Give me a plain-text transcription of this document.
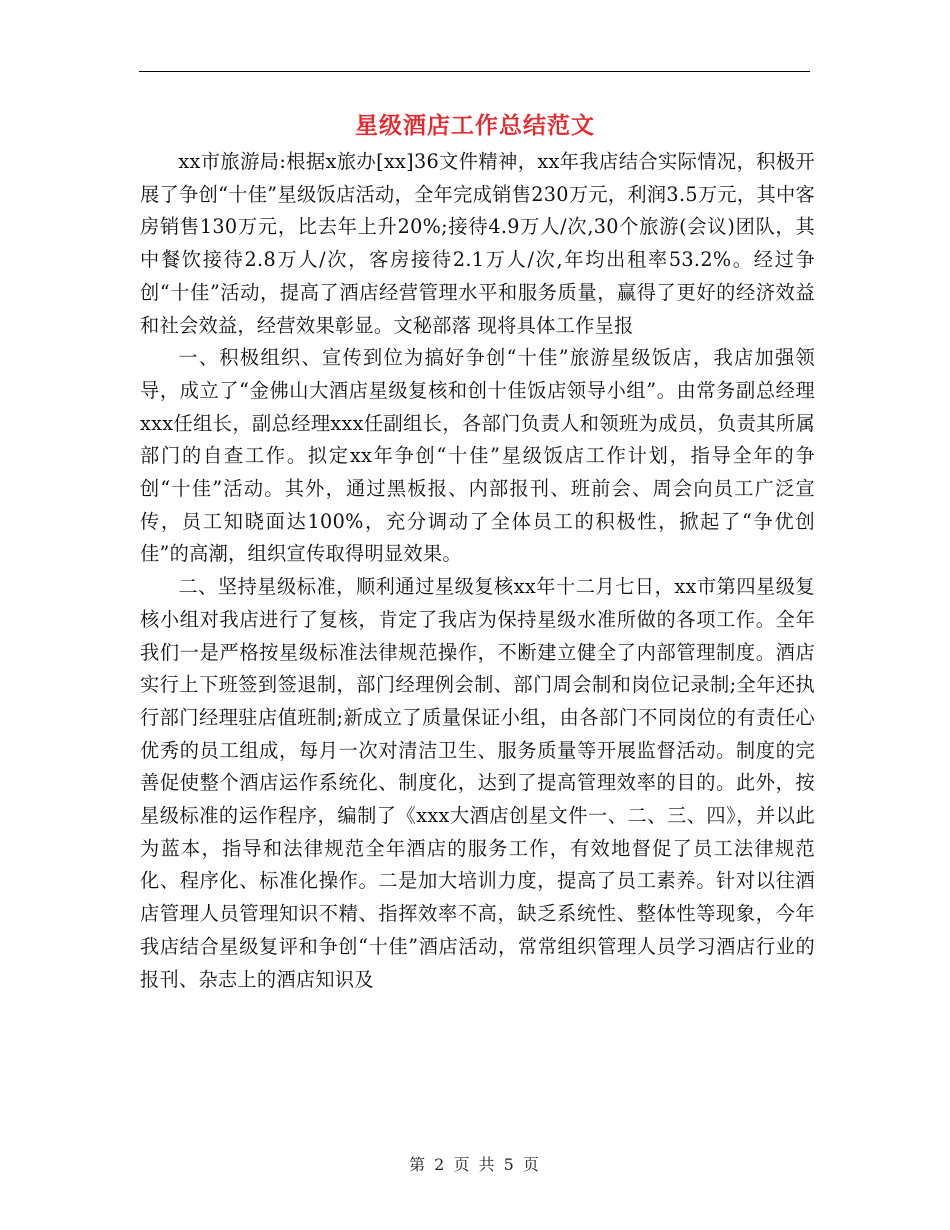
星级酒店工作总结范文

xx市旅游局:根据x旅办[xx]36文件精神，xx年我店结合实际情况，积极开展了争创“十佳”星级饭店活动，全年完成销售230万元，利润3.5万元，其中客房销售130万元，比去年上升20%;接待4.9万人/次,30个旅游(会议)团队，其中餐饮接待2.8万人/次，客房接待2.1万人/次,年均出租率53.2%。经过争创“十佳”活动，提高了酒店经营管理水平和服务质量，赢得了更好的经济效益和社会效益，经营效果彰显。文秘部落 现将具体工作呈报

一、积极组织、宣传到位为搞好争创“十佳”旅游星级饭店，我店加强领导，成立了“金佛山大酒店星级复核和创十佳饭店领导小组”。由常务副总经理xxx任组长，副总经理xxx任副组长，各部门负责人和领班为成员，负责其所属部门的自查工作。拟定xx年争创“十佳”星级饭店工作计划，指导全年的争创“十佳”活动。其外，通过黑板报、内部报刊、班前会、周会向员工广泛宣传，员工知晓面达100%，充分调动了全体员工的积极性，掀起了“争优创佳”的高潮，组织宣传取得明显效果。

二、坚持星级标准，顺利通过星级复核xx年十二月七日，xx市第四星级复核小组对我店进行了复核，肯定了我店为保持星级水准所做的各项工作。全年我们一是严格按星级标准法律规范操作，不断建立健全了内部管理制度。酒店实行上下班签到签退制，部门经理例会制、部门周会制和岗位记录制;全年还执行部门经理驻店值班制;新成立了质量保证小组，由各部门不同岗位的有责任心优秀的员工组成，每月一次对清洁卫生、服务质量等开展监督活动。制度的完善促使整个酒店运作系统化、制度化，达到了提高管理效率的目的。此外，按星级标准的运作程序，编制了《xxx大酒店创星文件一、二、三、四》，并以此为蓝本，指导和法律规范全年酒店的服务工作，有效地督促了员工法律规范化、程序化、标准化操作。二是加大培训力度，提高了员工素养。针对以往酒店管理人员管理知识不精、指挥效率不高，缺乏系统性、整体性等现象，今年我店结合星级复评和争创“十佳”酒店活动，常常组织管理人员学习酒店行业的报刊、杂志上的酒店知识及

第 2 页 共 5 页
